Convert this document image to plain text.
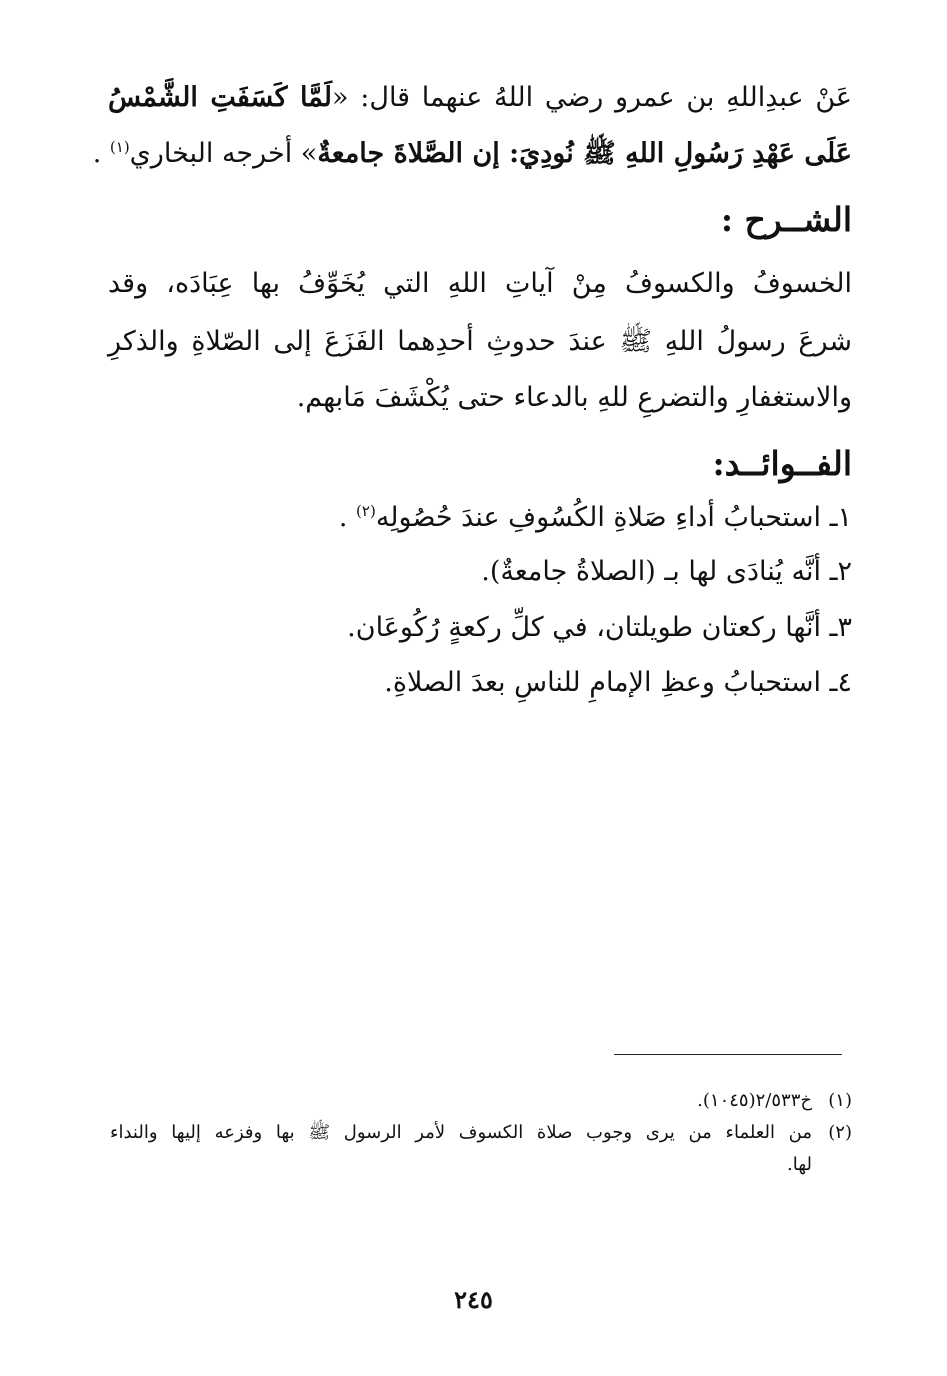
عَنْ عبدِاللهِ بن عمرو رضي اللهُ عنهما قال: «لَمَّا كَسَفَتِ الشَّمْسُ
عَلَى عَهْدِ رَسُولِ اللهِ ﷺ نُودِيَ: إن الصَّلاةَ جامعةٌ» أخرجه البخاري$^{(١)}$ .
الشــرح :
الخسوفُ والكسوفُ مِنْ آياتِ اللهِ التي يُخَوِّفُ بها عِبَادَه، وقد
شرعَ رسولُ اللهِ ﷺ عندَ حدوثِ أحدِهما الفَزَعَ إلى الصّلاةِ والذكرِ
والاستغفارِ والتضرعِ للهِ بالدعاء حتى يُكْشَفَ مَابهم.
الفــوائــد:
١ـ استحبابُ أداءِ صَلاةِ الكُسُوفِ عندَ حُصُولِه$^{(٢)}$ .
٢ـ أنَّه يُنادَى لها بـ (الصلاةُ جامعةٌ).
٣ـ أنَّها ركعتان طويلتان، في كلِّ ركعةٍ رُكُوعَان.
٤ـ استحبابُ وعظِ الإمامِ للناسِ بعدَ الصلاةِ.
(١)خ٢/٥٣٣(١٠٤٥).
(٢)من العلماء من يرى وجوب صلاة الكسوف لأمر الرسول ﷺ بها وفزعه إليها والنداء
لها.
٢٤٥
